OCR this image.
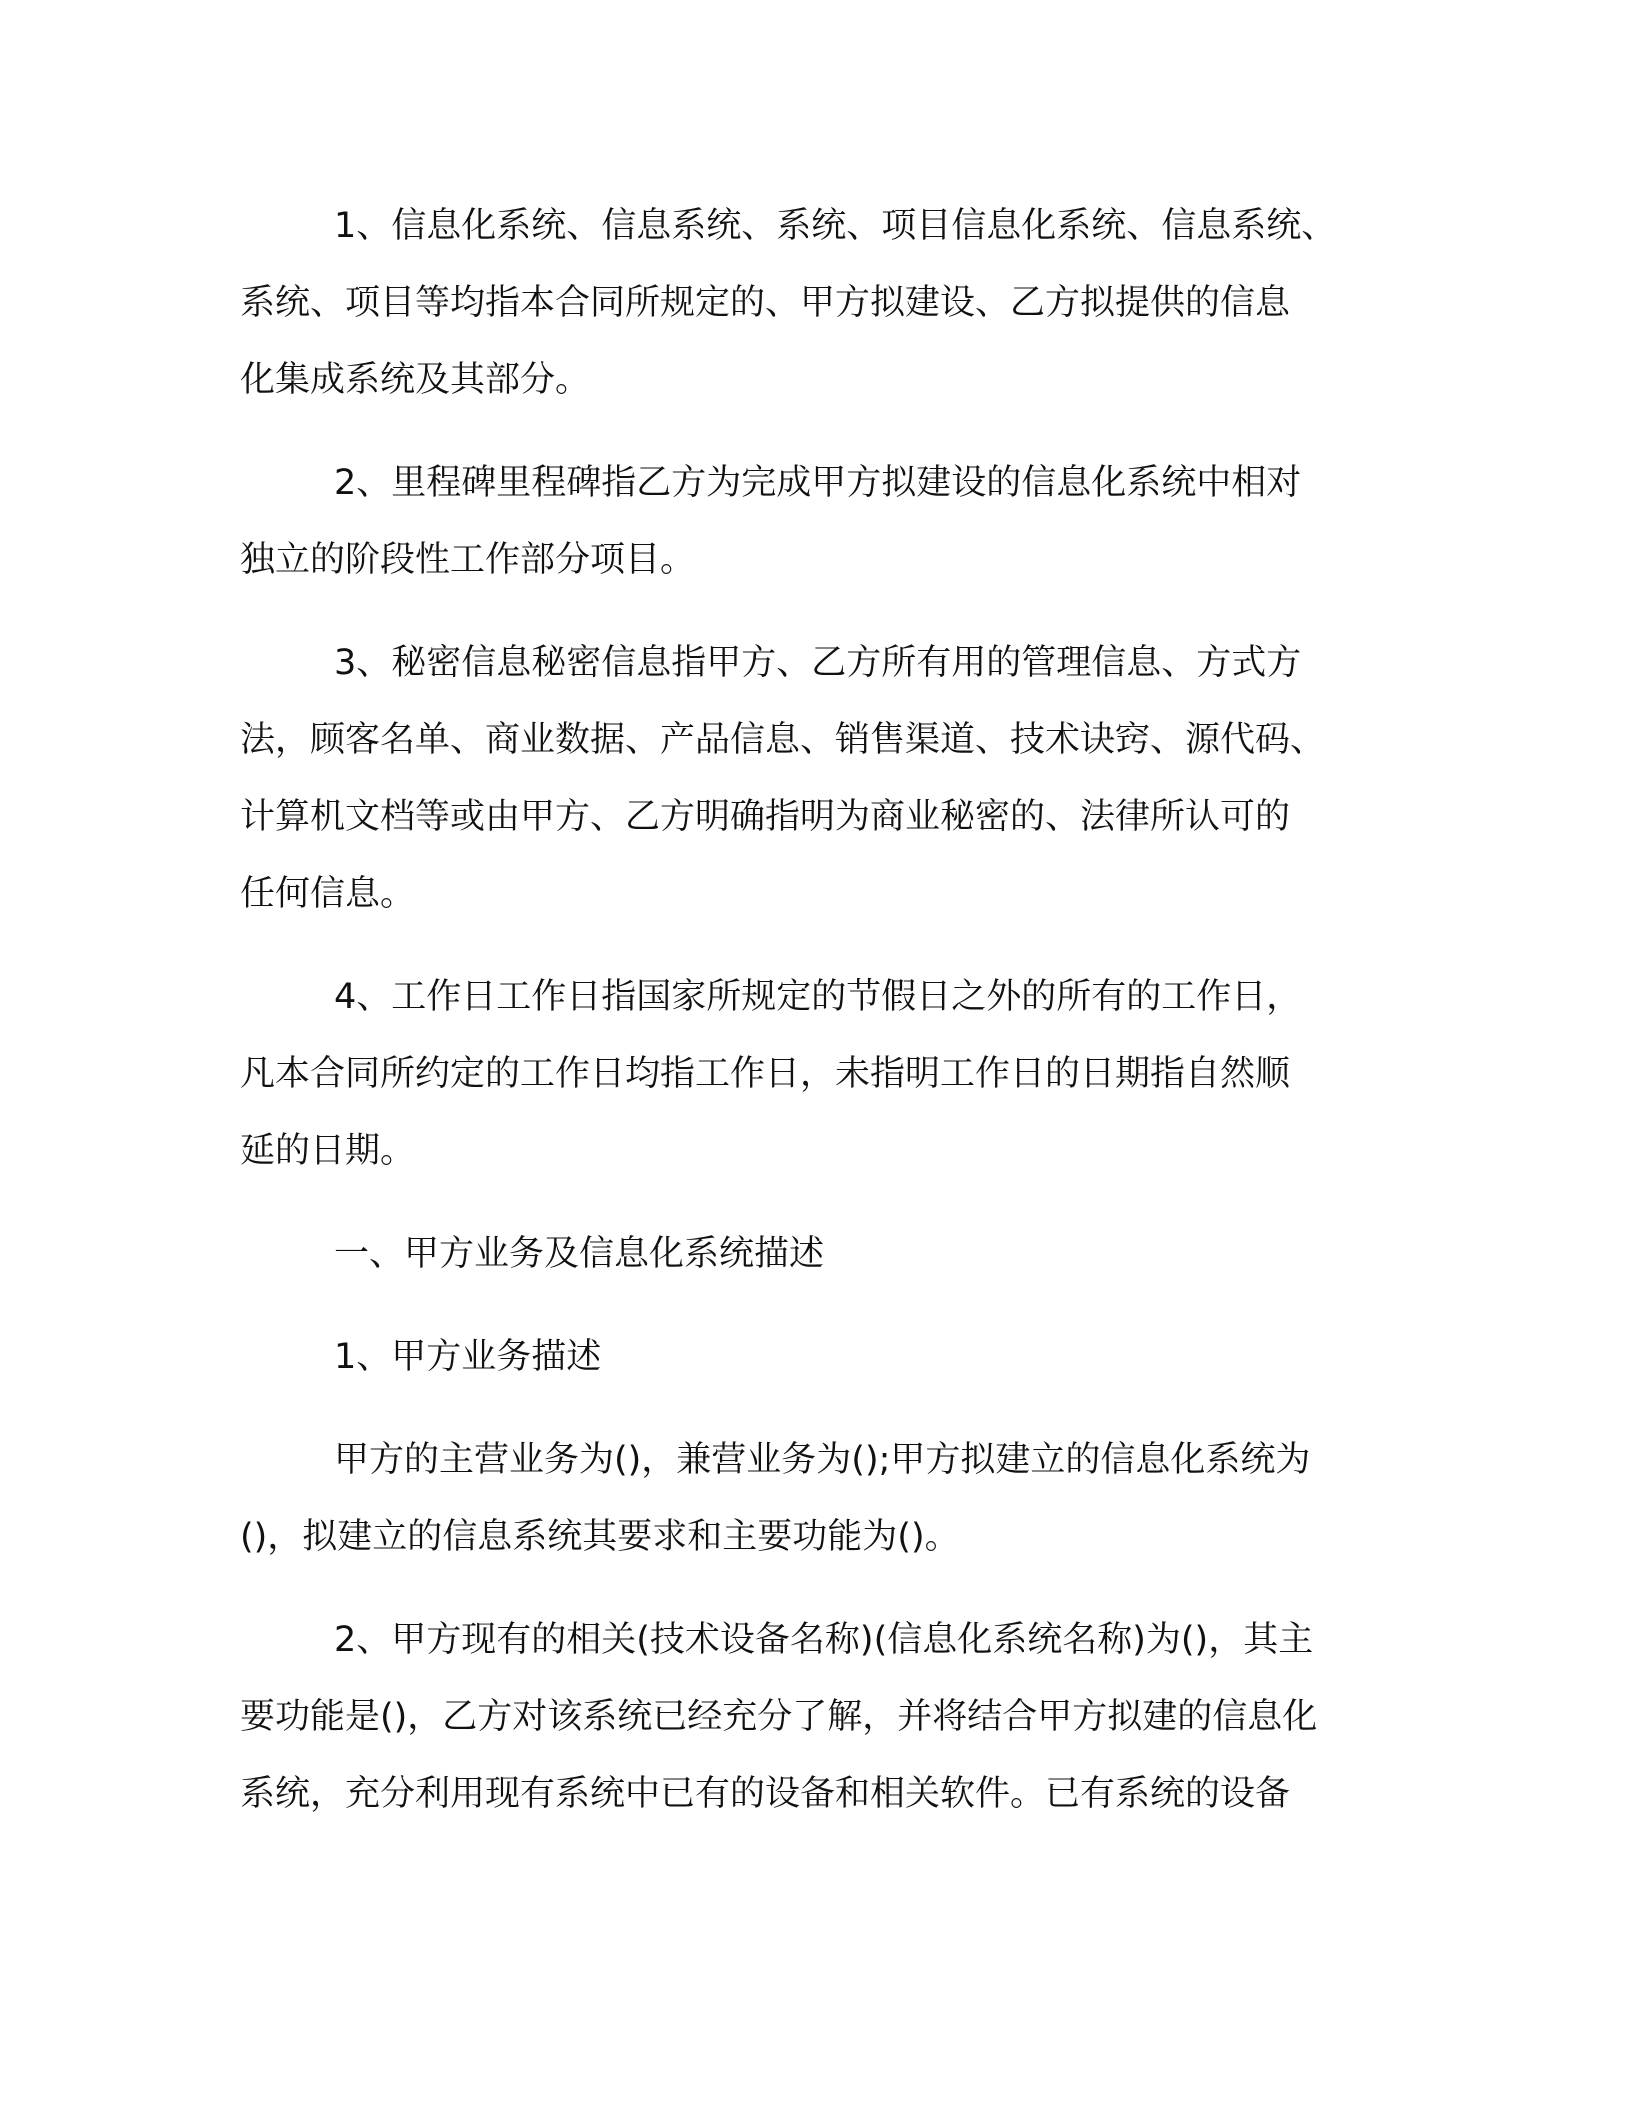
1、信息化系统、信息系统、系统、项目信息化系统、信息系统、
系统、项目等均指本合同所规定的、甲方拟建设、乙方拟提供的信息
化集成系统及其部分。
2、里程碑里程碑指乙方为完成甲方拟建设的信息化系统中相对
独立的阶段性工作部分项目。
3、秘密信息秘密信息指甲方、乙方所有用的管理信息、方式方
法，顾客名单、商业数据、产品信息、销售渠道、技术诀窍、源代码、
计算机文档等或由甲方、乙方明确指明为商业秘密的、法律所认可的
任何信息。
4、工作日工作日指国家所规定的节假日之外的所有的工作日，
凡本合同所约定的工作日均指工作日，未指明工作日的日期指自然顺
延的日期。
一、甲方业务及信息化系统描述
1、甲方业务描述
甲方的主营业务为()，兼营业务为();甲方拟建立的信息化系统为
()，拟建立的信息系统其要求和主要功能为()。
2、甲方现有的相关(技术设备名称)(信息化系统名称)为()，其主
要功能是()，乙方对该系统已经充分了解，并将结合甲方拟建的信息化
系统，充分利用现有系统中已有的设备和相关软件。已有系统的设备
